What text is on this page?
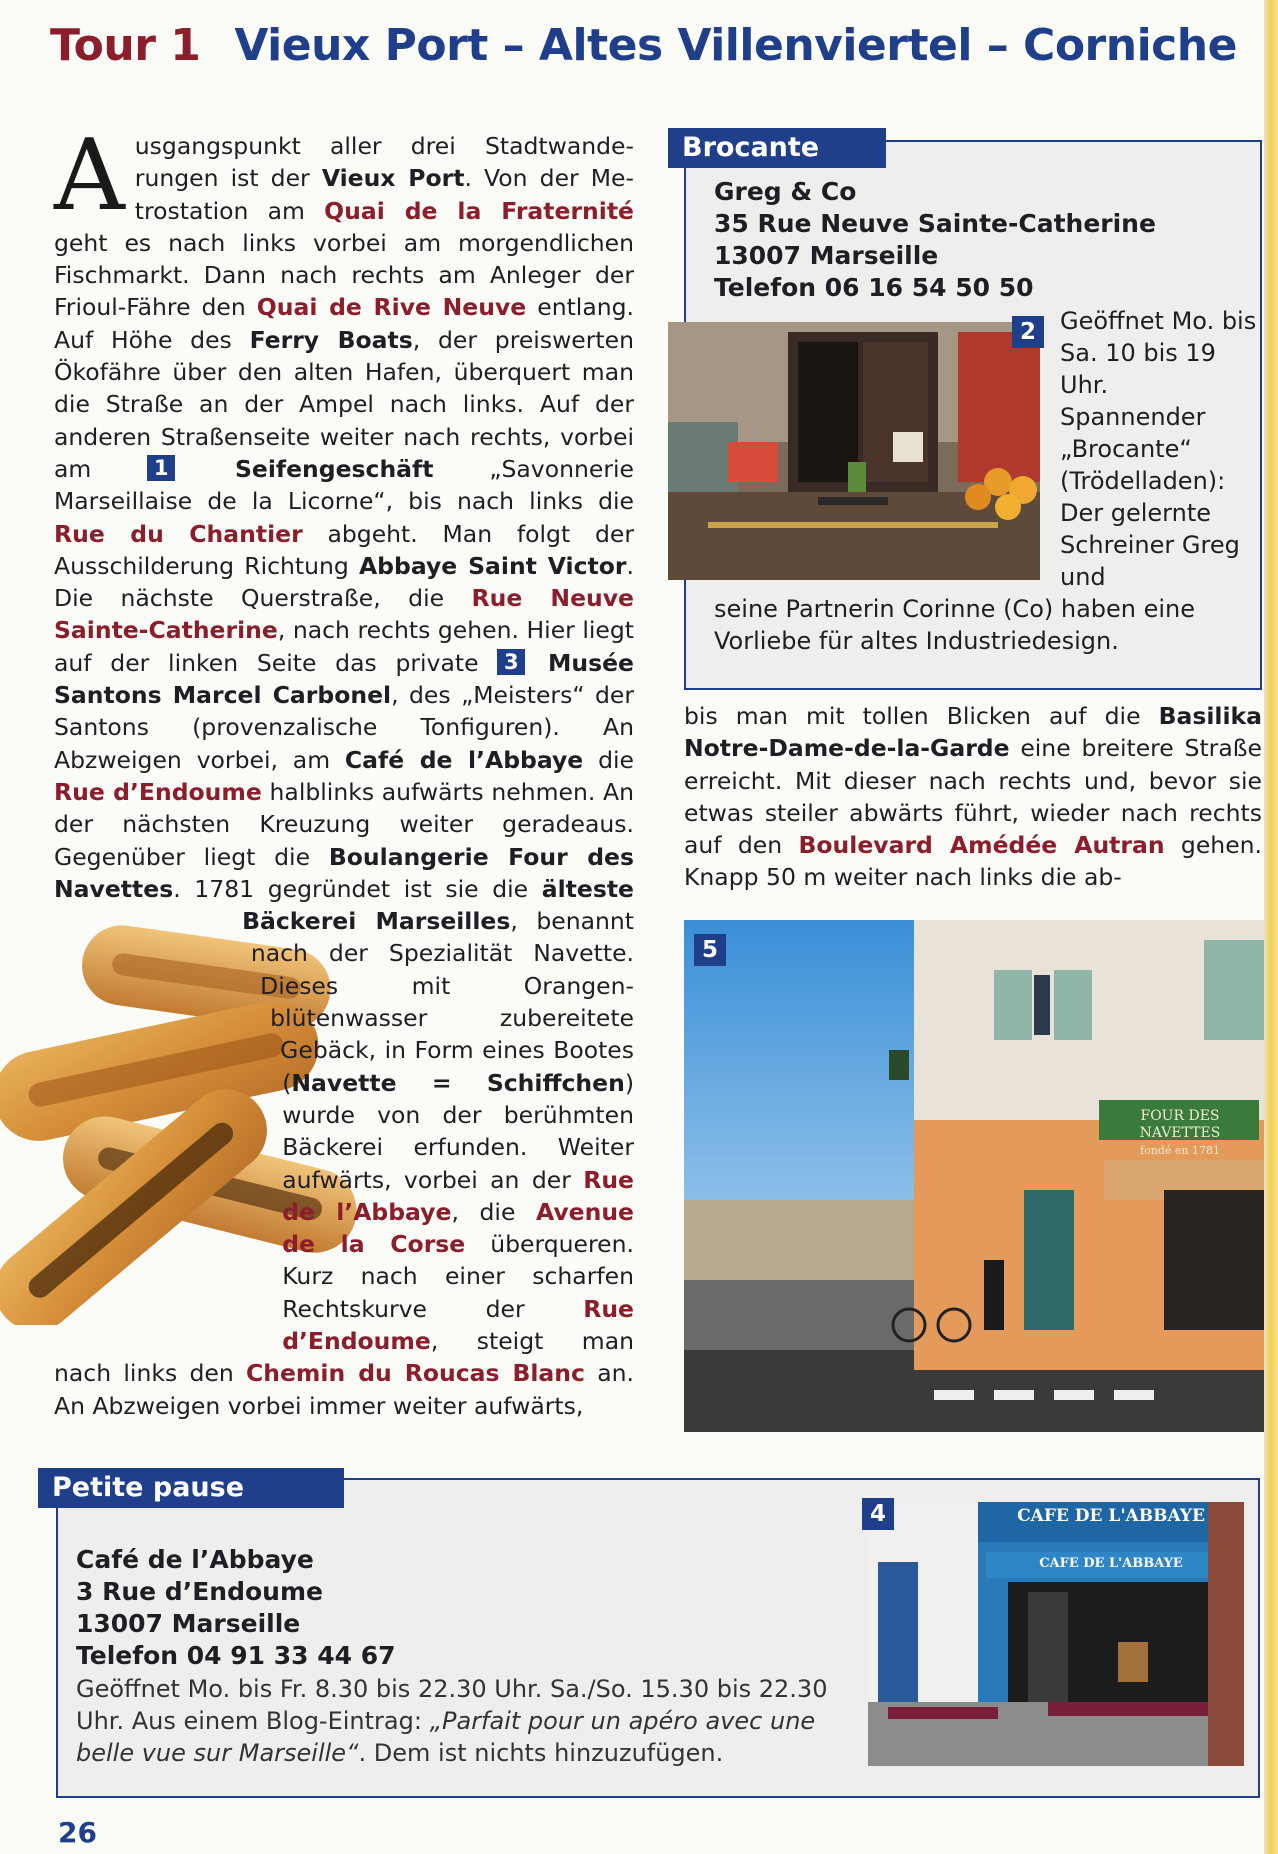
Tour 1 Vieux Port – Altes Villenviertel – Corniche

Ausgangspunkt aller drei Stadtwanderungen ist der Vieux Port. Von der Metrostation am Quai de la Fraternité geht es nach links vorbei am morgendlichen Fischmarkt. Dann nach rechts am Anleger der Frioul-Fähre den Quai de Rive Neuve entlang. Auf Höhe des Ferry Boats, der preiswerten Ökofähre über den alten Hafen, überquert man die Straße an der Ampel nach links. Auf der anderen Straßenseite weiter nach rechts, vorbei am 1	Seifengeschäft „Savonnerie Marseillaise de la Licorne“, bis nach links die Rue du Chantier abgeht. Man folgt der Ausschilderung Richtung Abbaye Saint Victor. Die nächste Querstraße, die Rue Neuve Sainte-Catherine, nach rechts gehen. Hier liegt auf der linken Seite das private 3 Musée Santons Marcel Carbonel, des „Meisters“ der Santons (provenzalische Tonfiguren). An Abzweigen vorbei, am Café de l’Abbaye die Rue d’Endoume halblinks aufwärts nehmen. An der nächsten Kreuzung weiter geradeaus. Gegenüber liegt die Boulangerie Four des Navettes. 1781 gegründet ist
sie die älteste Bäckerei Marseilles, benannt nach der Spezialität Navette. Dieses mit Orangenblütenwasser zubereitete Gebäck, in Form eines Bootes (Navette = Schiffchen) wurde von der berühmten Bäckerei erfunden. Weiter aufwärts, vorbei an der Rue de l’Abbaye, die Avenue de la Corse überqueren. Kurz nach einer scharfen Rechtskurve der Rue d’Endoume, steigt man nach links den Chemin du Roucas Blanc an. An Abzweigen vorbei immer weiter aufwärts,

Brocante
Greg & Co
35 Rue Neuve Sainte-Catherine
13007 Marseille
Telefon 06 16 54 50 50
2	Geöffnet Mo. bis Sa. 10 bis 19 Uhr. Spannender „Brocante“ (Trödelladen): Der gelernte Schreiner Greg und
seine Partnerin Corinne (Co) haben eine Vorliebe für altes Industriedesign.

bis man mit tollen Blicken auf die Basilika Notre-Dame-de-la-Garde eine breitere Straße erreicht. Mit dieser nach rechts und, bevor sie etwas steiler abwärts führt, wieder nach rechts auf den Boulevard Amédée Autran gehen. Knapp 50 m weiter nach links die ab-

FOUR DES NAVETTES
fondé en 1781
5
Petite pause
Café de l’Abbaye
3 Rue d’Endoume
13007 Marseille
Telefon 04 91 33 44 67
Geöffnet Mo. bis Fr. 8.30 bis 22.30 Uhr. Sa./So. 15.30 bis 22.30 Uhr. Aus einem Blog-Eintrag: „Parfait pour un apéro avec une belle vue sur Marseille“. Dem ist nichts hinzuzufügen.
CAFE DE L'ABBAYE
CAFE DE L'ABBAYE
4
26
